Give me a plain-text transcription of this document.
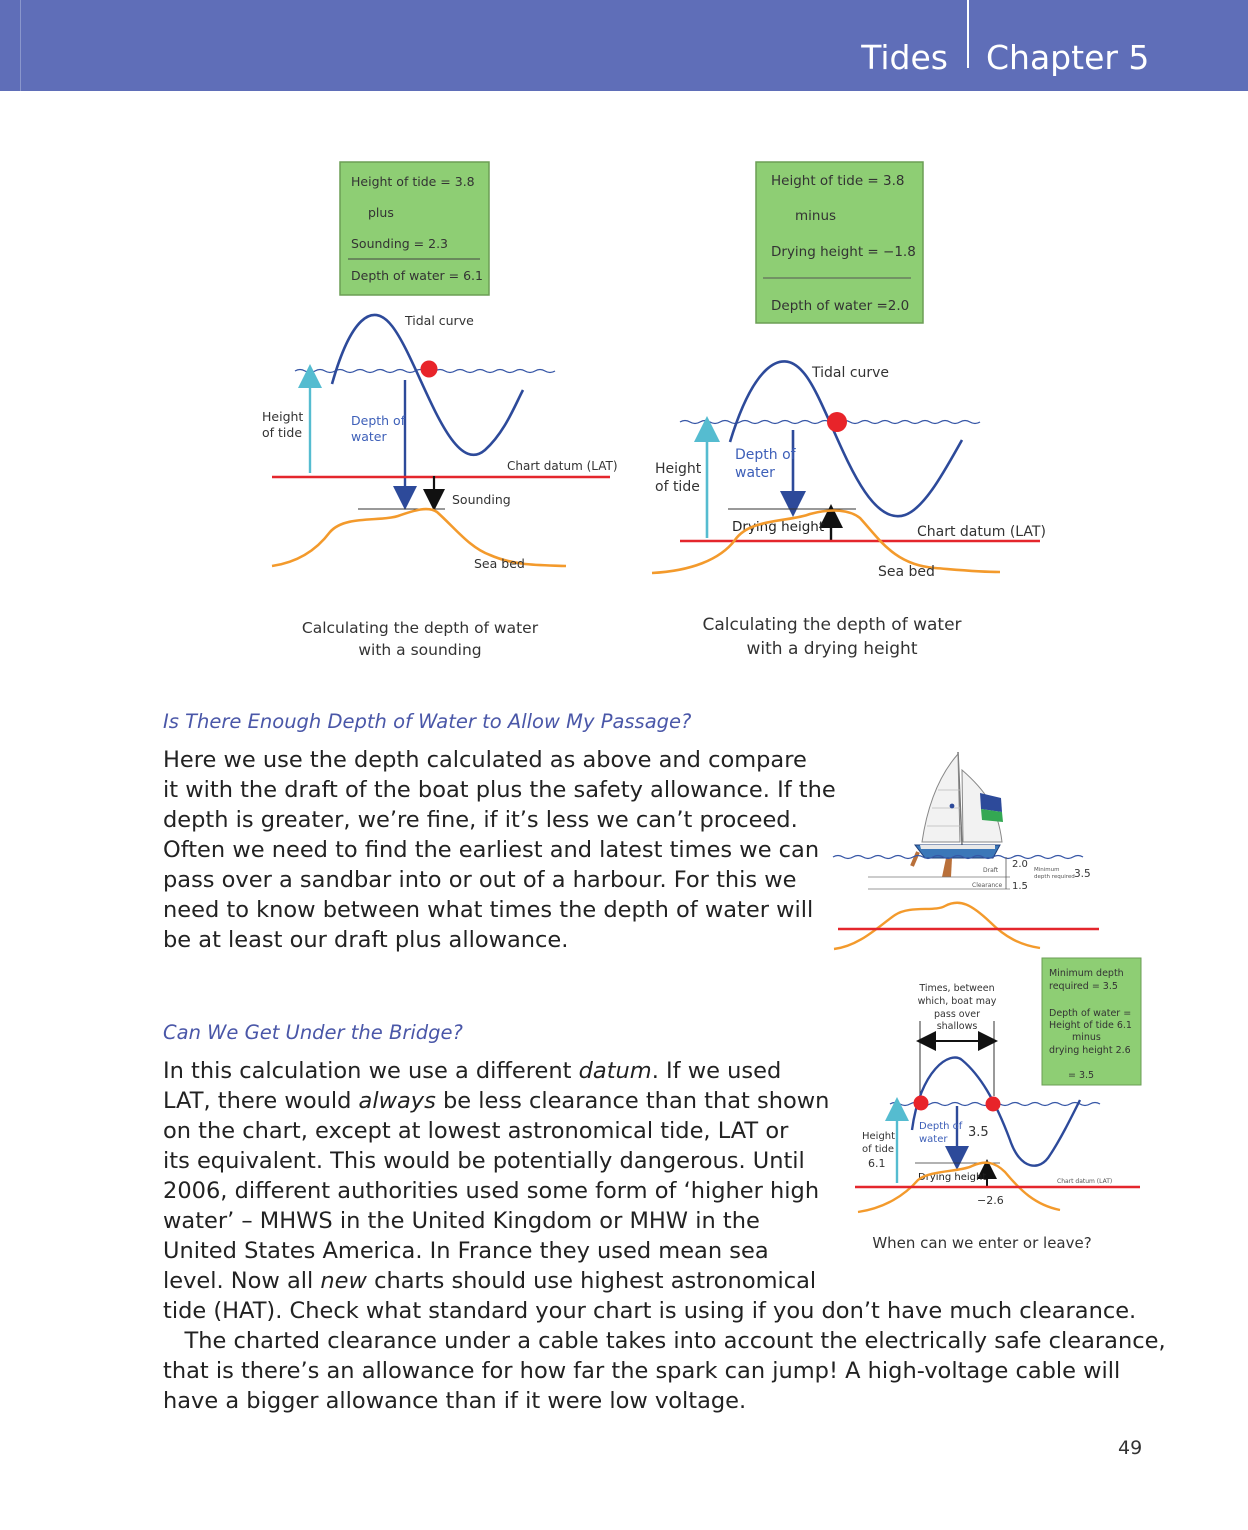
Tides Chapter 5
Height of tide = 3.8
plus
Sounding = 2.3
Depth of water = 6.1
Tidal curve
Height
of tide
Depth of
water
Chart datum (LAT)
Sounding
Sea bed
Calculating the depth of water
with a sounding
Height of tide = 3.8
minus
Drying height = −1.8
Depth of water =2.0
Tidal curve
Height
of tide
Depth of
water
Drying height	Chart datum (LAT)
Sea bed
Calculating the depth of water
with a drying height
Draft
Clearance
2.0
1.5
Minimum
depth required 3.5
Minimum depth
required = 3.5
Depth of water =
Height of tide 6.1
minus
drying height 2.6
= 3.5
Times, between
which, boat may
pass over
shallows
Height
of tide
6.1
Depth of
water 3.5
Drying height	Chart datum (LAT)
−2.6
When can we enter or leave?
Is There Enough Depth of Water to Allow My Passage?
Here we use the depth calculated as above and compare
it with the draft of the boat plus the safety allowance. If the
depth is greater, we’re fine, if it’s less we can’t proceed.
Often we need to find the earliest and latest times we can
pass over a sandbar into or out of a harbour. For this we
need to know between what times the depth of water will
be at least our draft plus allowance.
Can We Get Under the Bridge?
In this calculation we use a different datum. If we used
LAT, there would always be less clearance than that shown
on the chart, except at lowest astronomical tide, LAT or
its equivalent. This would be potentially dangerous. Until
2006, different authorities used some form of ‘higher high
water’ – MHWS in the United Kingdom or MHW in the
United States America. In France they used mean sea
level. Now all new charts should use highest astronomical
tide (HAT). Check what standard your chart is using if you don’t have much clearance.
The charted clearance under a cable takes into account the electrically safe clearance,
that is there’s an allowance for how far the spark can jump! A high-voltage cable will
have a bigger allowance than if it were low voltage.
49
